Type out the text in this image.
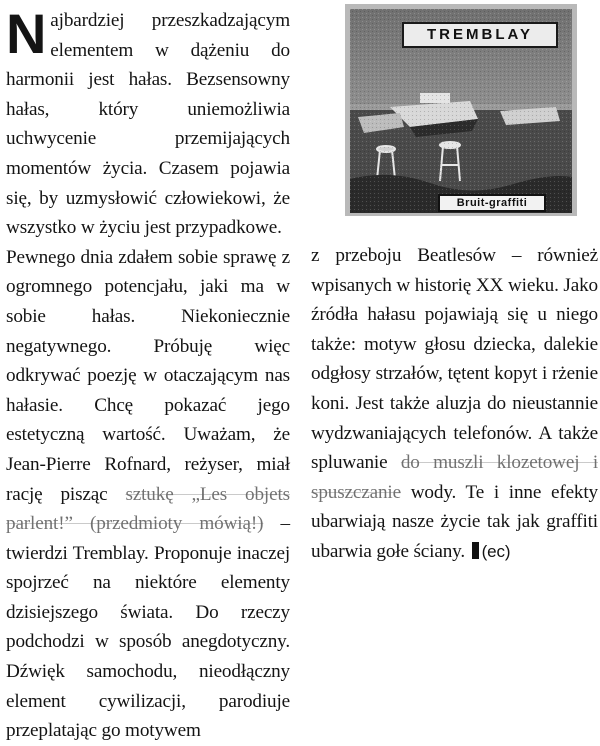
Najbardziej przeszkadzającym elementem w dążeniu do harmonii jest hałas. Bezsensowny hałas, który uniemożliwia uchwycenie przemijających momentów życia. Czasem pojawia się, by uzmysłowić człowiekowi, że wszystko w życiu jest przypadkowe.

Pewnego dnia zdałem sobie sprawę z ogromnego potencjału, jaki ma w sobie hałas. Niekoniecznie negatywnego. Próbuję więc odkrywać poezję w otaczającym nas hałasie. Chcę pokazać jego estetyczną wartość. Uważam, że Jean-Pierre Rofnard, reżyser, miał rację pisząc sztukę „Les objets parlent!” (przedmioty mówią!) – twierdzi Tremblay. Proponuje inaczej spojrzeć na niektóre elementy dzisiejszego świata. Do rzeczy podchodzi w sposób anegdotyczny. Dźwięk samochodu, nieodłączny element cywilizacji, parodiuje przeplatając go motywem

TREMBLAY
Bruit-graffiti

z przeboju Beatlesów – również wpisanych w historię XX wieku. Jako źródła hałasu pojawiają się u niego także: motyw głosu dziecka, dalekie odgłosy strzałów, tętent kopyt i rżenie koni. Jest także aluzja do nieustannie wydzwaniających telefonów. A także spluwanie do muszli klozetowej i spuszczanie wody. Te i inne efekty ubarwiają nasze życie tak jak graffiti ubarwia gołe ściany. (ec)
